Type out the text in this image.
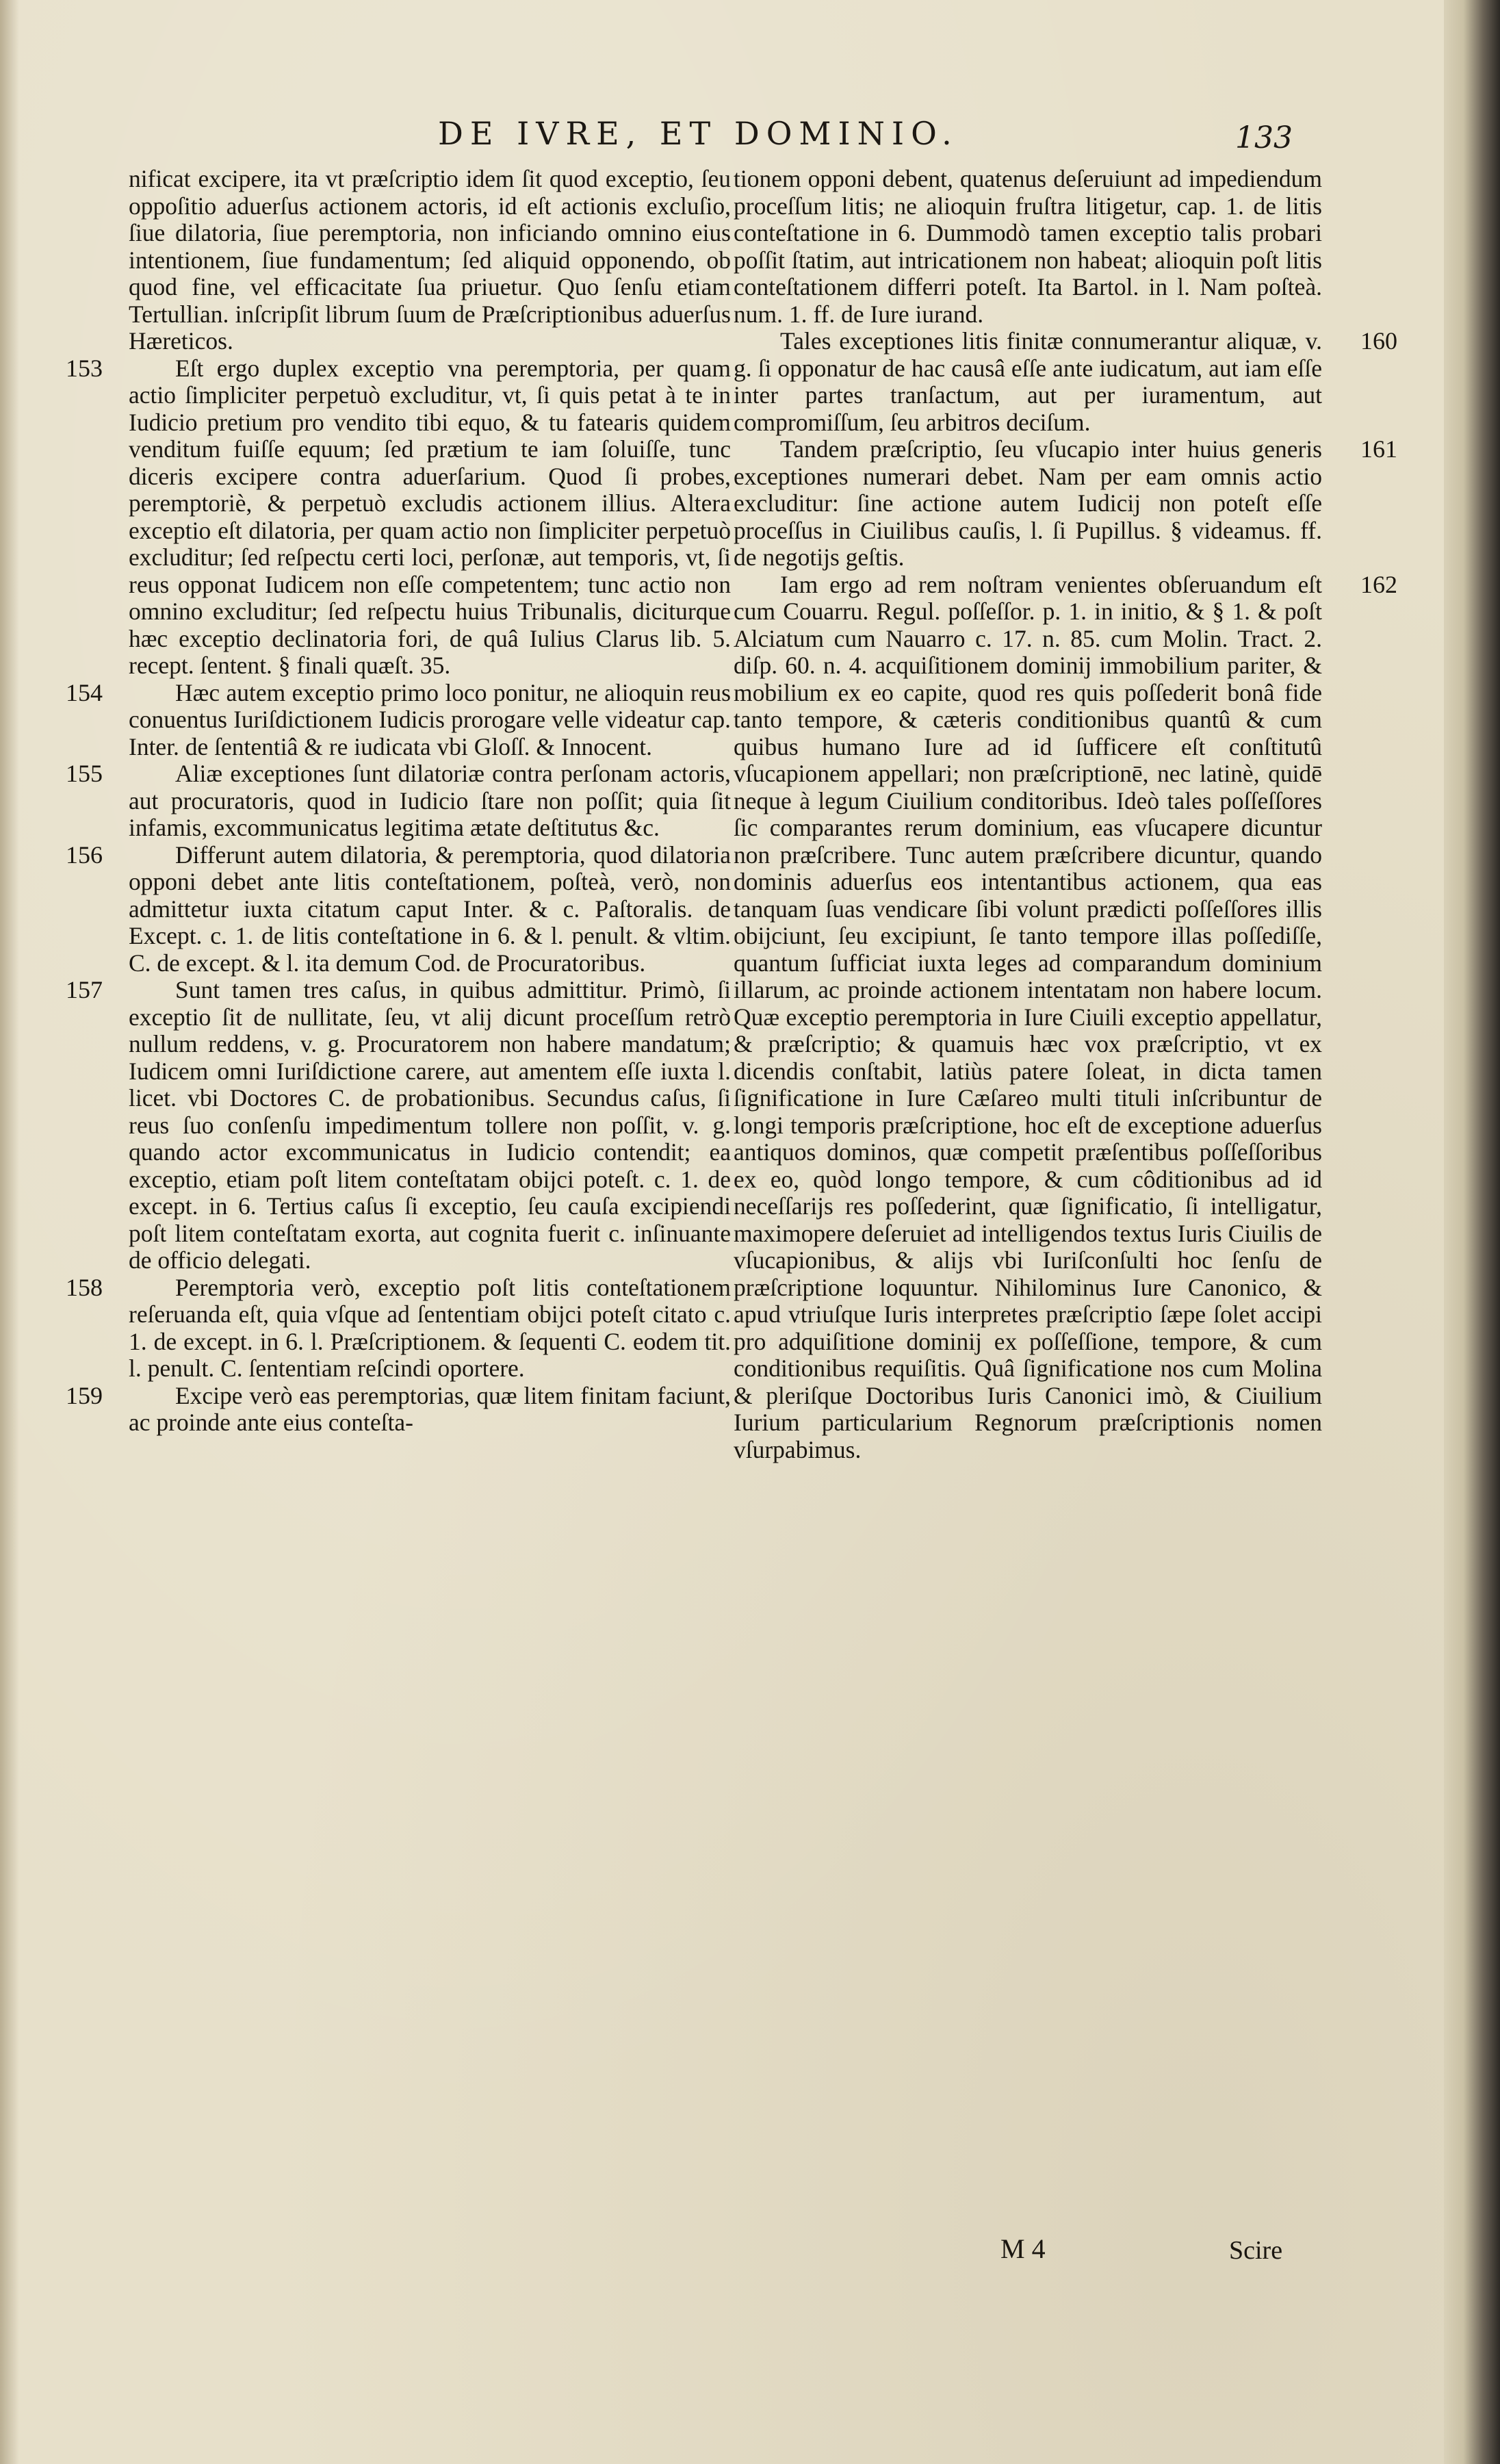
DE IVRE, ET DOMINIO.	133

nificat excipere, ita vt præſcriptio idem ſit quod exceptio, ſeu oppoſitio aduerſus actionem actoris, id eſt actionis excluſio, ſiue dilatoria, ſiue peremptoria, non inficiando omnino eius intentionem, ſiue fundamentum; ſed aliquid opponendo, ob quod fine, vel efficacitate ſua priuetur. Quo ſenſu etiam Tertullian. inſcripſit librum ſuum de Præſcriptionibus aduerſus Hæreticos.

153	Eſt ergo duplex exceptio vna peremptoria, per quam actio ſimpliciter perpetuò excluditur, vt, ſi quis petat à te in Iudicio pretium pro vendito tibi equo, & tu fatearis quidem venditum fuiſſe equum; ſed prætium te iam ſoluiſſe, tunc diceris excipere contra aduerſarium. Quod ſi probes, peremptoriè, & perpetuò excludis actionem illius. Altera exceptio eſt dilatoria, per quam actio non ſimpliciter perpetuò excluditur; ſed reſpectu certi loci, perſonæ, aut temporis, vt, ſi reus opponat Iudicem non eſſe competentem; tunc actio non omnino excluditur; ſed reſpectu huius Tribunalis, diciturque hæc exceptio declinatoria fori, de quâ Iulius Clarus lib. 5. recept. ſentent. § finali quæſt. 35.

154	Hæc autem exceptio primo loco ponitur, ne alioquin reus conuentus Iuriſdictionem Iudicis prorogare velle videatur cap. Inter. de ſententiâ & re iudicata vbi Gloſſ. & Innocent.

155	Aliæ exceptiones ſunt dilatoriæ contra perſonam actoris, aut procuratoris, quod in Iudicio ſtare non poſſit; quia ſit infamis, excommunicatus legitima ætate deſtitutus &c.

156	Differunt autem dilatoria, & peremptoria, quod dilatoria opponi debet ante litis conteſtationem, poſteà, verò, non admittetur iuxta citatum caput Inter. & c. Paſtoralis. de Except. c. 1. de litis conteſtatione in 6. & l. penult. & vltim. C. de except. & l. ita demum Cod. de Procuratoribus.

157	Sunt tamen tres caſus, in quibus admittitur. Primò, ſi exceptio ſit de nullitate, ſeu, vt alij dicunt proceſſum retrò nullum reddens, v. g. Procuratorem non habere mandatum; Iudicem omni Iuriſdictione carere, aut amentem eſſe iuxta l. licet. vbi Doctores C. de probationibus. Secundus caſus, ſi reus ſuo conſenſu impedimentum tollere non poſſit, v. g. quando actor excommunicatus in Iudicio contendit; ea exceptio, etiam poſt litem conteſtatam obijci poteſt. c. 1. de except. in 6. Tertius caſus ſi exceptio, ſeu cauſa excipiendi poſt litem conteſtatam exorta, aut cognita fuerit c. inſinuante de officio delegati.

158	Peremptoria verò, exceptio poſt litis conteſtationem reſeruanda eſt, quia vſque ad ſententiam obijci poteſt citato c. 1. de except. in 6. l. Præſcriptionem. & ſequenti C. eodem tit. l. penult. C. ſententiam reſcindi oportere.

159	Excipe verò eas peremptorias, quæ litem finitam faciunt, ac proinde ante eius conteſta-

tionem opponi debent, quatenus deſeruiunt ad impediendum proceſſum litis; ne alioquin fruſtra litigetur, cap. 1. de litis conteſtatione in 6. Dummodò tamen exceptio talis probari poſſit ſtatim, aut intricationem non habeat; alioquin poſt litis conteſtationem differri poteſt. Ita Bartol. in l. Nam poſteà. num. 1. ff. de Iure iurand.

160

Tales exceptiones litis finitæ connumerantur aliquæ, v. g. ſi opponatur de hac causâ eſſe ante iudicatum, aut iam eſſe inter partes tranſactum, aut per iuramentum, aut compromiſſum, ſeu arbitros deciſum.

161

Tandem præſcriptio, ſeu vſucapio inter huius generis exceptiones numerari debet. Nam per eam omnis actio excluditur: ſine actione autem Iudicij non poteſt eſſe proceſſus in Ciuilibus cauſis, l. ſi Pupillus. § videamus. ff. de negotijs geſtis.

162

Iam ergo ad rem noſtram venientes obſeruandum eſt cum Couarru. Regul. poſſeſſor. p. 1. in initio, & § 1. & poſt Alciatum cum Nauarro c. 17. n. 85. cum Molin. Tract. 2. diſp. 60. n. 4. acquiſitionem dominij immobilium pariter, & mobilium ex eo capite, quod res quis poſſederit bonâ fide tanto tempore, & cæteris conditionibus quantû & cum quibus humano Iure ad id ſufficere eſt conſtitutû vſucapionem appellari; non præſcriptionē, nec latinè, quidē neque à legum Ciuilium conditoribus. Ideò tales poſſeſſores ſic comparantes rerum dominium, eas vſucapere dicuntur non præſcribere. Tunc autem præſcribere dicuntur, quando dominis aduerſus eos intentantibus actionem, qua eas tanquam ſuas vendicare ſibi volunt prædicti poſſeſſores illis obijciunt, ſeu excipiunt, ſe tanto tempore illas poſſediſſe, quantum ſufficiat iuxta leges ad comparandum dominium illarum, ac proinde actionem intentatam non habere locum. Quæ exceptio peremptoria in Iure Ciuili exceptio appellatur, & præſcriptio; & quamuis hæc vox præſcriptio, vt ex dicendis conſtabit, latiùs patere ſoleat, in dicta tamen ſignificatione in Iure Cæſareo multi tituli inſcribuntur de longi temporis præſcriptione, hoc eſt de exceptione aduerſus antiquos dominos, quæ competit præſentibus poſſeſſoribus ex eo, quòd longo tempore, & cum côditionibus ad id neceſſarijs res poſſederint, quæ ſignificatio, ſi intelligatur, maximopere deſeruiet ad intelligendos textus Iuris Ciuilis de vſucapionibus, & alijs vbi Iuriſconſulti hoc ſenſu de præſcriptione loquuntur. Nihilominus Iure Canonico, & apud vtriuſque Iuris interpretes præſcriptio ſæpe ſolet accipi pro adquiſitione dominij ex poſſeſſione, tempore, & cum conditionibus requiſitis. Quâ ſignificatione nos cum Molina & pleriſque Doctoribus Iuris Canonici imò, & Ciuilium Iurium particularium Regnorum præſcriptionis nomen vſurpabimus.

M 4	Scire
